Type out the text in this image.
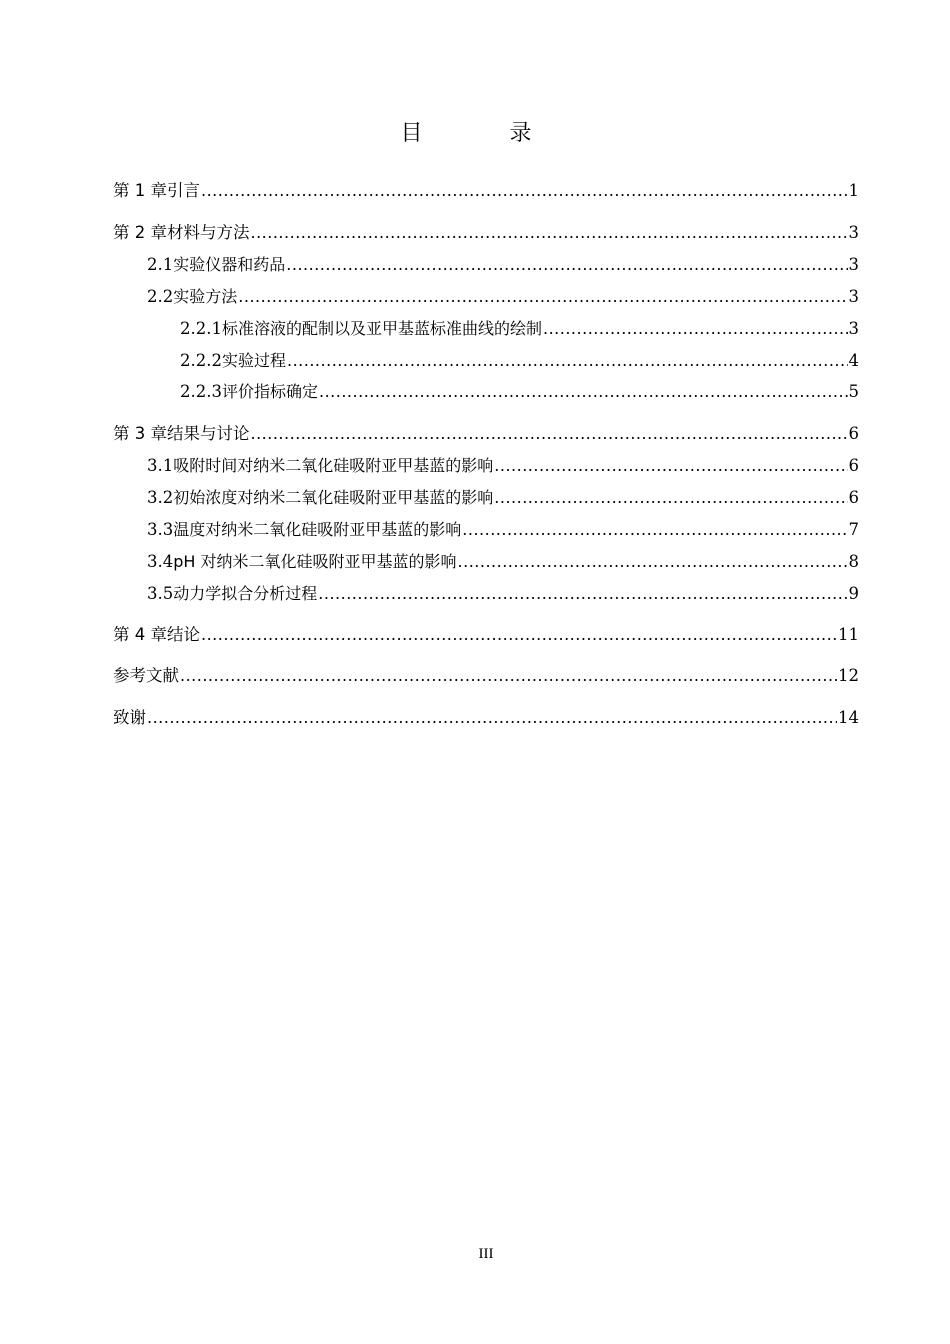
目 录
第 1 章 引言 .....	1
第 2 章 材料与方法 .....	3
2.1 实验仪器和药品 .....	3
2.2 实验方法 .....	3
2.2.1 标准溶液的配制以及亚甲基蓝标准曲线的绘制 .....	3
2.2.2 实验过程 .....	4
2.2.3 评价指标确定 .....	5
第 3 章 结果与讨论 .....	6
3.1 吸附时间对纳米二氧化硅吸附亚甲基蓝的影响 .....	6
3.2 初始浓度对纳米二氧化硅吸附亚甲基蓝的影响 .....	6
3.3 温度对纳米二氧化硅吸附亚甲基蓝的影响 .....	7
3.4 pH 对纳米二氧化硅吸附亚甲基蓝的影响 .....	8
3.5 动力学拟合分析过程 .....	9
第 4 章 结论 .....	11
参考文献 .....	12
致谢 .....	14
III
